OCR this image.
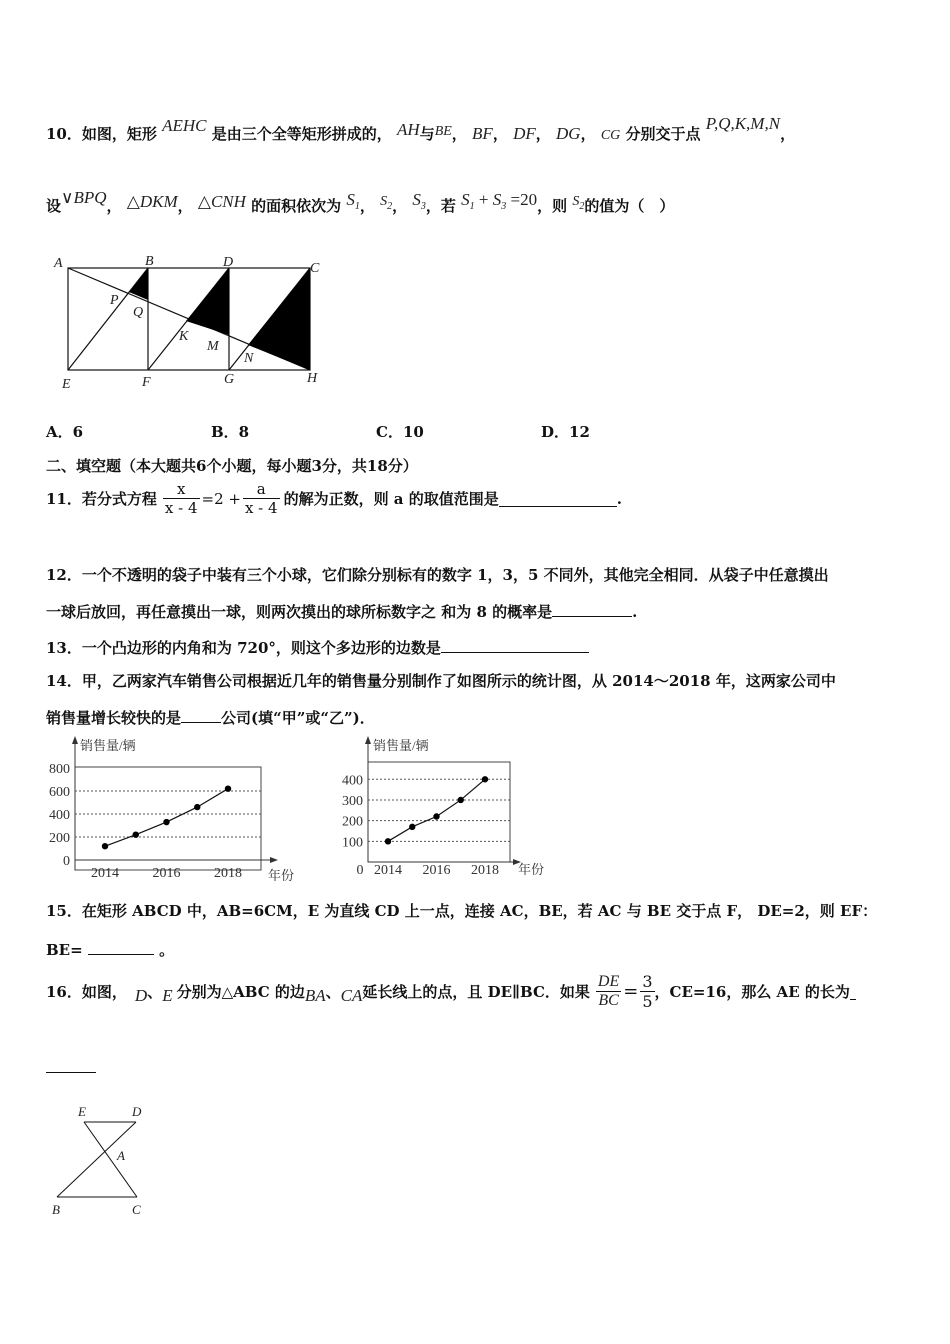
10．如图，矩形 AEHC 是由三个全等矩形拼成的， AH与BE， BF， DF， DG， CG 分别交于点 P,Q,K,M,N，
设∨BPQ， △DKM， △CNH 的面积依次为 $S_1$， $S_2$， $S_3$，若 $S_1 + S_3 =20$，则 $S_2$的值为（　）
A	B	D	C
P
Q
K
M
N
E	F	G	H
A．6	B．8	C．10	D．12
二、填空题（本大题共6个小题，每小题3分，共18分）
11． 若分式方程 $\frac{x}{x - 4} =2 + \frac{a}{x - 4}$ 的解为正数，则 a 的取值范围是	.
12．一个不透明的袋子中装有三个小球，它们除分别标有的数字 1，3，5 不同外，其他完全相同．从袋子中任意摸出
一球后放回，再任意摸出一球，则两次摸出的球所标数字之 和为 8 的概率是	.
13．一个凸边形的内角和为 720°，则这个多边形的边数是
14．甲，乙两家汽车销售公司根据近几年的销售量分别制作了如图所示的统计图，从 2014～2018 年，这两家公司中
销售量增长较快的是	公司(填“甲”或“乙”)．
0
200
400
600
800
2014 2016 2018
销售量/辆
年份
100
200
300
400
0 2014 2016 2018
销售量/辆
年份
15．在矩形 ABCD 中，AB=6CM，E 为直线 CD 上一点，连接 AC，BE，若 AC 与 BE 交于点 F， DE=2，则 EF：
BE=	。
16． 如图， D 、 E 分别为△ABC 的边 BA 、 CA 延长线上的点，且 DE∥BC．如果 $\frac{DE}{BC} = \frac{3}{5}$ ，CE=16，那么 AE 的长为
E	D
A
B	C
